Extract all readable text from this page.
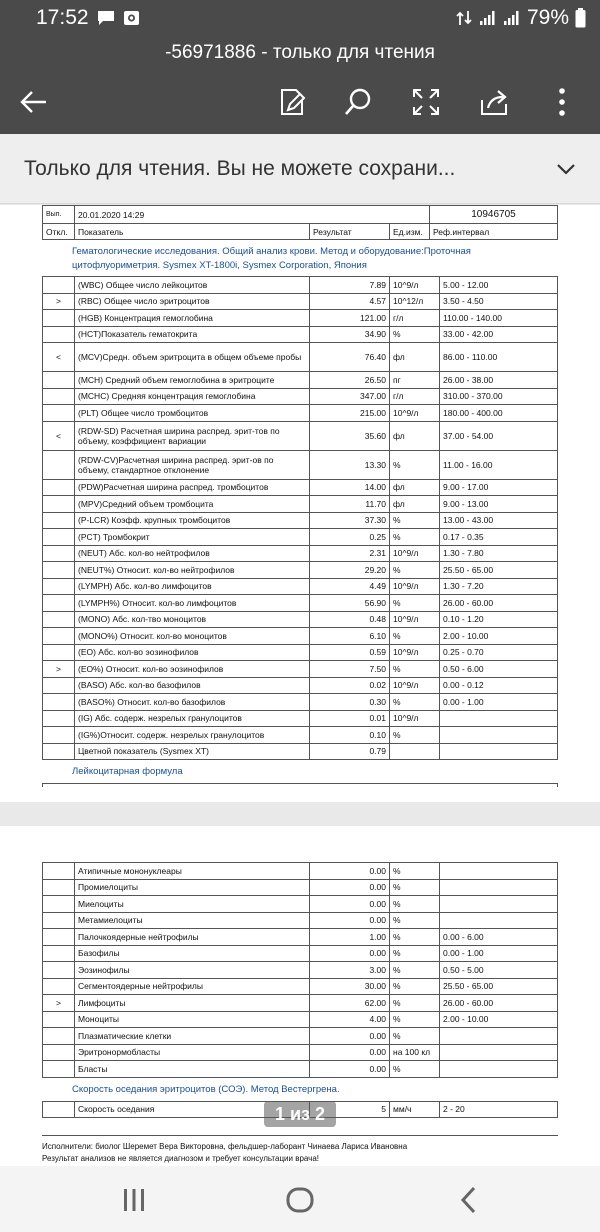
17:52	79%
-56971886 - только для чтения
Только для чтения. Вы не можете сохрани...
Вып.	20.01.2020 14:29			10946705
Откл.	Показатель	Результат	Ед.изм.	Реф.интервал
Гематологические исследования. Общий анализ крови. Метод и оборудование:Проточная цитофлуориметрия. Sysmex XT-1800i, Sysmex Corporation, Япония
	(WBC) Общее число лейкоцитов	7.89	10^9/л	5.00 - 12.00
>	(RBC) Общее число эритроцитов	4.57	10^12/л	3.50 - 4.50
	(HGB) Концентрация гемоглобина	121.00	г/л	110.00 - 140.00
	(HCT)Показатель гематокрита	34.90	%	33.00 - 42.00
<	(MCV)Средн. объем эритроцита в общем объеме пробы	76.40	фл	86.00 - 110.00
	(MCH) Средний объем гемоглобина в эритроците	26.50	пг	26.00 - 38.00
	(MCHC) Средняя концентрация гемоглобина	347.00	г/л	310.00 - 370.00
	(PLT) Общее число тромбоцитов	215.00	10^9/л	180.00 - 400.00
<	(RDW-SD) Расчетная ширина распред. эрит-тов по объему, коэффициент вариации	35.60	фл	37.00 - 54.00
	(RDW-CV)Расчетная ширина распред. эрит-ов по объему, стандартное отклонение	13.30	%	11.00 - 16.00
	(PDW)Расчетная ширина распред. тромбоцитов	14.00	фл	9.00 - 17.00
	(MPV)Средний объем тромбоцита	11.70	фл	9.00 - 13.00
	(P-LCR) Коэфф. крупных тромбоцитов	37.30	%	13.00 - 43.00
	(PCT) Тромбокрит	0.25	%	0.17 - 0.35
	(NEUT) Абс. кол-во нейтрофилов	2.31	10^9/л	1.30 - 7.80
	(NEUT%) Относит. кол-во нейтрофилов	29.20	%	25.50 - 65.00
	(LYMPH) Абс. кол-во лимфоцитов	4.49	10^9/л	1.30 - 7.20
	(LYMPH%) Относит. кол-во лимфоцитов	56.90	%	26.00 - 60.00
	(MONO) Абс. кол-тво моноцитов	0.48	10^9/л	0.10 - 1.20
	(MONO%) Относит. кол-во моноцитов	6.10	%	2.00 - 10.00
	(EO) Абс. кол-во эозинофилов	0.59	10^9/л	0.25 - 0.70
>	(EO%) Относит. кол-во эозинофилов	7.50	%	0.50 - 6.00
	(BASO) Абс. кол-во базофилов	0.02	10^9/л	0.00 - 0.12
	(BASO%) Относит. кол-во базофилов	0.30	%	0.00 - 1.00
	(IG) Абс. содерж. незрелых гранулоцитов	0.01	10^9/л	
	(IG%)Относит. содерж. незрелых гранулоцитов	0.10	%	
	Цветной показатель (Sysmex XT)	0.79		
Лейкоцитарная формула
	Атипичные мононуклеары	0.00	%	
	Промиелоциты	0.00	%	
	Миелоциты	0.00	%	
	Метамиелоциты	0.00	%	
	Палочкоядерные нейтрофилы	1.00	%	0.00 - 6.00
	Базофилы	0.00	%	0.00 - 1.00
	Эозинофилы	3.00	%	0.50 - 5.00
	Сегментоядерные нейтрофилы	30.00	%	25.50 - 65.00
>	Лимфоциты	62.00	%	26.00 - 60.00
	Моноциты	4.00	%	2.00 - 10.00
	Плазматические клетки	0.00	%	
	Эритронормобласты	0.00	на 100 кл	
	Бласты	0.00	%	
Скорость оседания эритроцитов (СОЭ). Метод Вестергрена.
	Скорость оседания	5	мм/ч	2 - 20
Исполнители: биолог Шеремет Вера Викторовна, фельдшер-лаборант Чинаева Лариса Ивановна
Результат анализов не является диагнозом и требует консультации врача!
1 из 2
